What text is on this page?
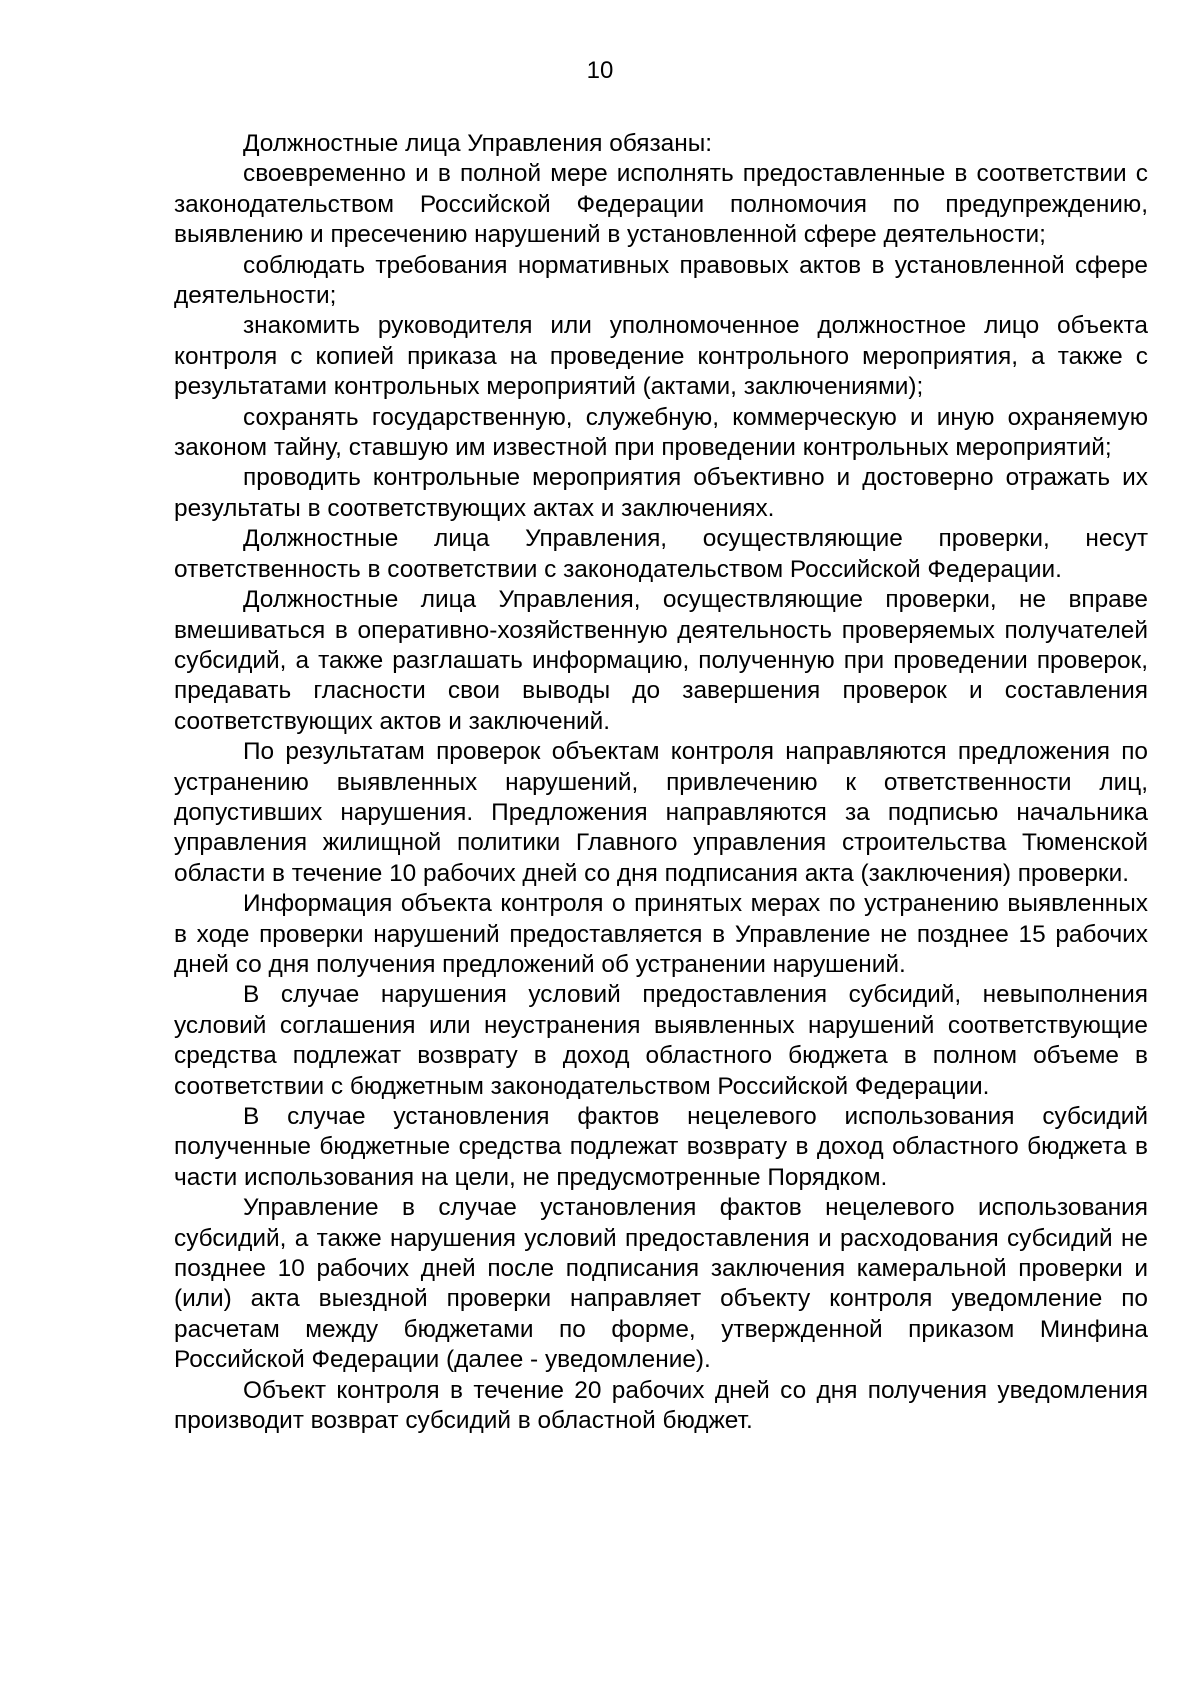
10

Должностные лица Управления обязаны:

своевременно и в полной мере исполнять предоставленные в соответствии с законодательством Российской Федерации полномочия по предупреждению, выявлению и пресечению нарушений в установленной сфере деятельности;

соблюдать требования нормативных правовых актов в установленной сфере деятельности;

знакомить руководителя или уполномоченное должностное лицо объекта контроля с копией приказа на проведение контрольного мероприятия, а также с результатами контрольных мероприятий (актами, заключениями);

сохранять государственную, служебную, коммерческую и иную охраняемую законом тайну, ставшую им известной при проведении контрольных мероприятий;

проводить контрольные мероприятия объективно и достоверно отражать их результаты в соответствующих актах и заключениях.

Должностные лица Управления, осуществляющие проверки, несут ответственность в соответствии с законодательством Российской Федерации.

Должностные лица Управления, осуществляющие проверки, не вправе вмешиваться в оперативно-хозяйственную деятельность проверяемых получателей субсидий, а также разглашать информацию, полученную при проведении проверок, предавать гласности свои выводы до завершения проверок и составления соответствующих актов и заключений.

По результатам проверок объектам контроля направляются предложения по устранению выявленных нарушений, привлечению к ответственности лиц, допустивших нарушения. Предложения направляются за подписью начальника управления жилищной политики Главного управления строительства Тюменской области в течение 10 рабочих дней со дня подписания акта (заключения) проверки.

Информация объекта контроля о принятых мерах по устранению выявленных в ходе проверки нарушений предоставляется в Управление не позднее 15 рабочих дней со дня получения предложений об устранении нарушений.

В случае нарушения условий предоставления субсидий, невыполнения условий соглашения или неустранения выявленных нарушений соответствующие средства подлежат возврату в доход областного бюджета в полном объеме в соответствии с бюджетным законодательством Российской Федерации.

В случае установления фактов нецелевого использования субсидий полученные бюджетные средства подлежат возврату в доход областного бюджета в части использования на цели, не предусмотренные Порядком.

Управление в случае установления фактов нецелевого использования субсидий, а также нарушения условий предоставления и расходования субсидий не позднее 10 рабочих дней после подписания заключения камеральной проверки и (или) акта выездной проверки направляет объекту контроля уведомление по расчетам между бюджетами по форме, утвержденной приказом Минфина Российской Федерации (далее - уведомление).

Объект контроля в течение 20 рабочих дней со дня получения уведомления производит возврат субсидий в областной бюджет.
